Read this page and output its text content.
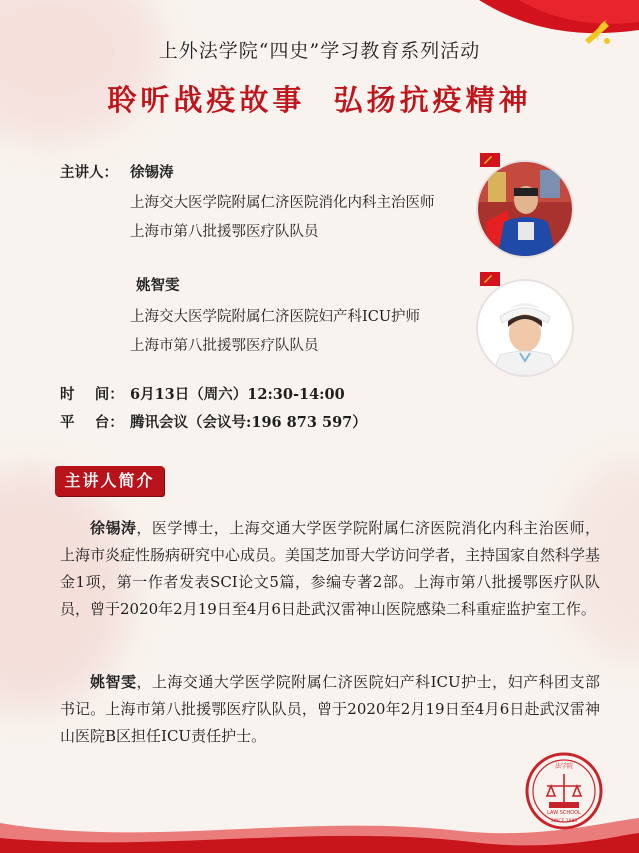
上外法学院“四史”学习教育系列活动
聆听战疫故事  弘扬抗疫精神
主讲人： 徐锡涛
上海交大医学院附属仁济医院消化内科主治医师
上海市第八批援鄂医疗队队员
姚智雯
上海交大医学院附属仁济医院妇产科ICU护师
上海市第八批援鄂医疗队队员
时    间： 6月13日（周六）12:30-14:00
平    台： 腾讯会议（会议号:196 873 597）
主讲人简介

徐锡涛，医学博士，上海交通大学医学院附属仁济医院消化内科主治医师，上海市炎症性肠病研究中心成员。美国芝加哥大学访问学者，主持国家自然科学基金1项，第一作者发表SCI论文5篇，参编专著2部。上海市第八批援鄂医疗队队员，曾于2020年2月19日至4月6日赴武汉雷神山医院感染二科重症监护室工作。

姚智雯，上海交通大学医学院附属仁济医院妇产科ICU护士，妇产科团支部书记。上海市第八批援鄂医疗队队员，曾于2020年2月19日至4月6日赴武汉雷神山医院B区担任ICU责任护士。

法学院
LAW SCHOOL
SINCE 1983
